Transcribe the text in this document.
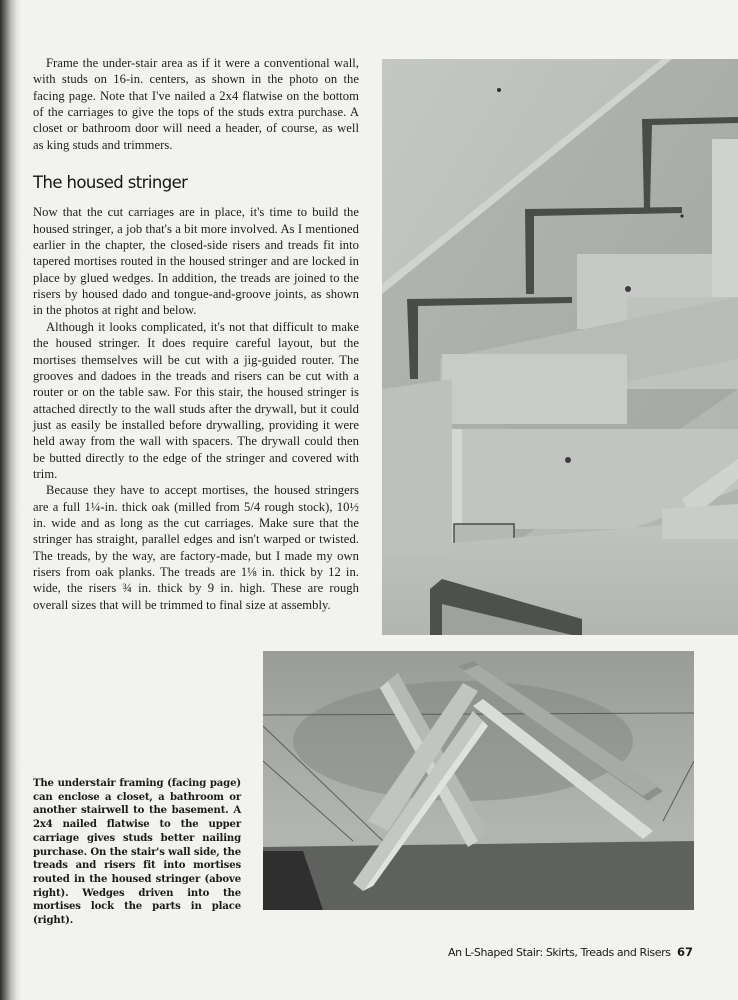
Frame the under-stair area as if it were a conventional wall, with studs on 16-in. centers, as shown in the photo on the facing page. Note that I've nailed a 2x4 flatwise on the bottom of the carriages to give the tops of the studs extra purchase. A closet or bathroom door will need a header, of course, as well as king studs and trimmers.

The housed stringer

Now that the cut carriages are in place, it's time to build the housed stringer, a job that's a bit more involved. As I mentioned earlier in the chapter, the closed-side risers and treads fit into tapered mortises routed in the housed stringer and are locked in place by glued wedges. In addition, the treads are joined to the risers by housed dado and tongue-and-groove joints, as shown in the photos at right and below.

Although it looks complicated, it's not that difficult to make the housed stringer. It does require careful layout, but the mortises themselves will be cut with a jig-guided router. The grooves and dadoes in the treads and risers can be cut with a router or on the table saw. For this stair, the housed stringer is attached directly to the wall studs after the drywall, but it could just as easily be installed before drywalling, providing it were held away from the wall with spacers. The drywall could then be butted directly to the edge of the stringer and covered with trim.

Because they have to accept mortises, the housed stringers are a full 1¼-in. thick oak (milled from 5/4 rough stock), 10½ in. wide and as long as the cut carriages. Make sure that the stringer has straight, parallel edges and isn't warped or twisted. The treads, by the way, are factory-made, but I made my own risers from oak planks. The treads are 1⅛ in. thick by 12 in. wide, the risers ¾ in. thick by 9 in. high. These are rough overall sizes that will be trimmed to final size at assembly.

The understair framing (facing page) can enclose a closet, a bathroom or another stairwell to the basement. A 2x4 nailed flatwise to the upper carriage gives studs better nailing purchase. On the stair's wall side, the treads and risers fit into mortises routed in the housed stringer (above right). Wedges driven into the mortises lock the parts in place (right).
An L-Shaped Stair: Skirts, Treads and Risers 67
